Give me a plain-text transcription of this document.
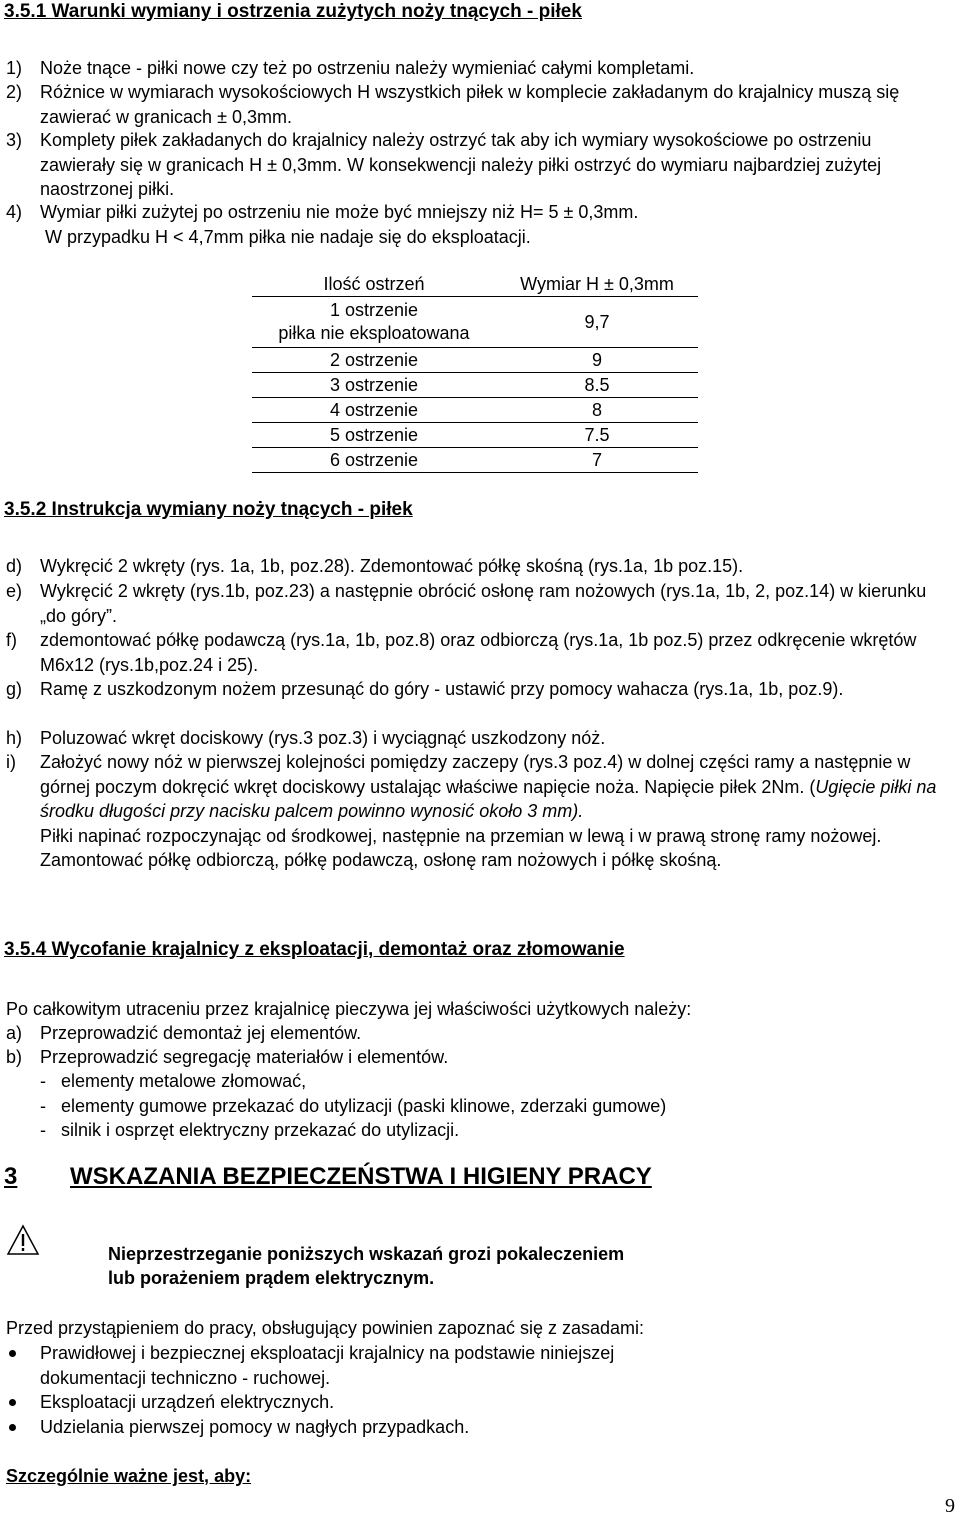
3.5.1 Warunki wymiany i ostrzenia zużytych noży tnących - piłek
1) Noże tnące - piłki nowe czy też po ostrzeniu należy wymieniać całymi kompletami.
2) Różnice w wymiarach wysokościowych H wszystkich piłek w komplecie zakładanym do krajalnicy muszą się zawierać w granicach ± 0,3mm.
3) Komplety piłek zakładanych do krajalnicy należy ostrzyć tak aby ich wymiary wysokościowe po ostrzeniu zawierały się w granicach H ± 0,3mm. W konsekwencji należy piłki ostrzyć do wymiaru najbardziej zużytej naostrzonej piłki.
4) Wymiar piłki zużytej po ostrzeniu nie może być mniejszy niż H= 5 ± 0,3mm.
W przypadku H < 4,7mm piłka nie nadaje się do eksploatacji.
Ilość ostrzeń	Wymiar H ± 0,3mm

1 ostrzenie
piłka nie eksploatowana	9,7
2 ostrzenie	9
3 ostrzenie	8.5
4 ostrzenie	8
5 ostrzenie	7.5
6 ostrzenie	7
3.5.2 Instrukcja wymiany noży tnących - piłek
d) Wykręcić 2 wkręty (rys. 1a, 1b, poz.28). Zdemontować półkę skośną (rys.1a, 1b poz.15).
e) Wykręcić 2 wkręty (rys.1b, poz.23) a następnie obrócić osłonę ram nożowych (rys.1a, 1b, 2, poz.14) w kierunku „do góry”.
f) zdemontować półkę podawczą (rys.1a, 1b, poz.8) oraz odbiorczą (rys.1a, 1b poz.5) przez odkręcenie wkrętów M6x12 (rys.1b,poz.24 i 25).
g) Ramę z uszkodzonym nożem przesunąć do góry - ustawić przy pomocy wahacza (rys.1a, 1b, poz.9).
h) Poluzować wkręt dociskowy (rys.3 poz.3) i wyciągnąć uszkodzony nóż.
i) Założyć nowy nóż w pierwszej kolejności pomiędzy zaczepy (rys.3 poz.4) w dolnej części ramy a następnie w górnej poczym dokręcić wkręt dociskowy ustalając właściwe napięcie noża. Napięcie piłek 2Nm. (Ugięcie piłki na środku długości przy nacisku palcem powinno wynosić około 3 mm).
Piłki napinać rozpoczynając od środkowej, następnie na przemian w lewą i w prawą stronę ramy nożowej.
Zamontować półkę odbiorczą, półkę podawczą, osłonę ram nożowych i półkę skośną.
3.5.4 Wycofanie krajalnicy z eksploatacji, demontaż oraz złomowanie
Po całkowitym utraceniu przez krajalnicę pieczywa jej właściwości użytkowych należy:
a) Przeprowadzić demontaż jej elementów.
b) Przeprowadzić segregację materiałów i elementów.
-   elementy metalowe złomować,
-   elementy gumowe przekazać do utylizacji (paski klinowe, zderzaki gumowe)
-   silnik i osprzęt elektryczny przekazać do utylizacji.
3 WSKAZANIA BEZPIECZEŃSTWA I HIGIENY PRACY
Nieprzestrzeganie poniższych wskazań grozi pokaleczeniem
lub porażeniem prądem elektrycznym.
Przed przystąpieniem do pracy, obsługujący powinien zapoznać się z zasadami:
Prawidłowej i bezpiecznej eksploatacji krajalnicy na podstawie niniejszej dokumentacji techniczno - ruchowej.
Eksploatacji urządzeń elektrycznych.
Udzielania pierwszej pomocy w nagłych przypadkach.
Szczególnie ważne jest, aby:
9
